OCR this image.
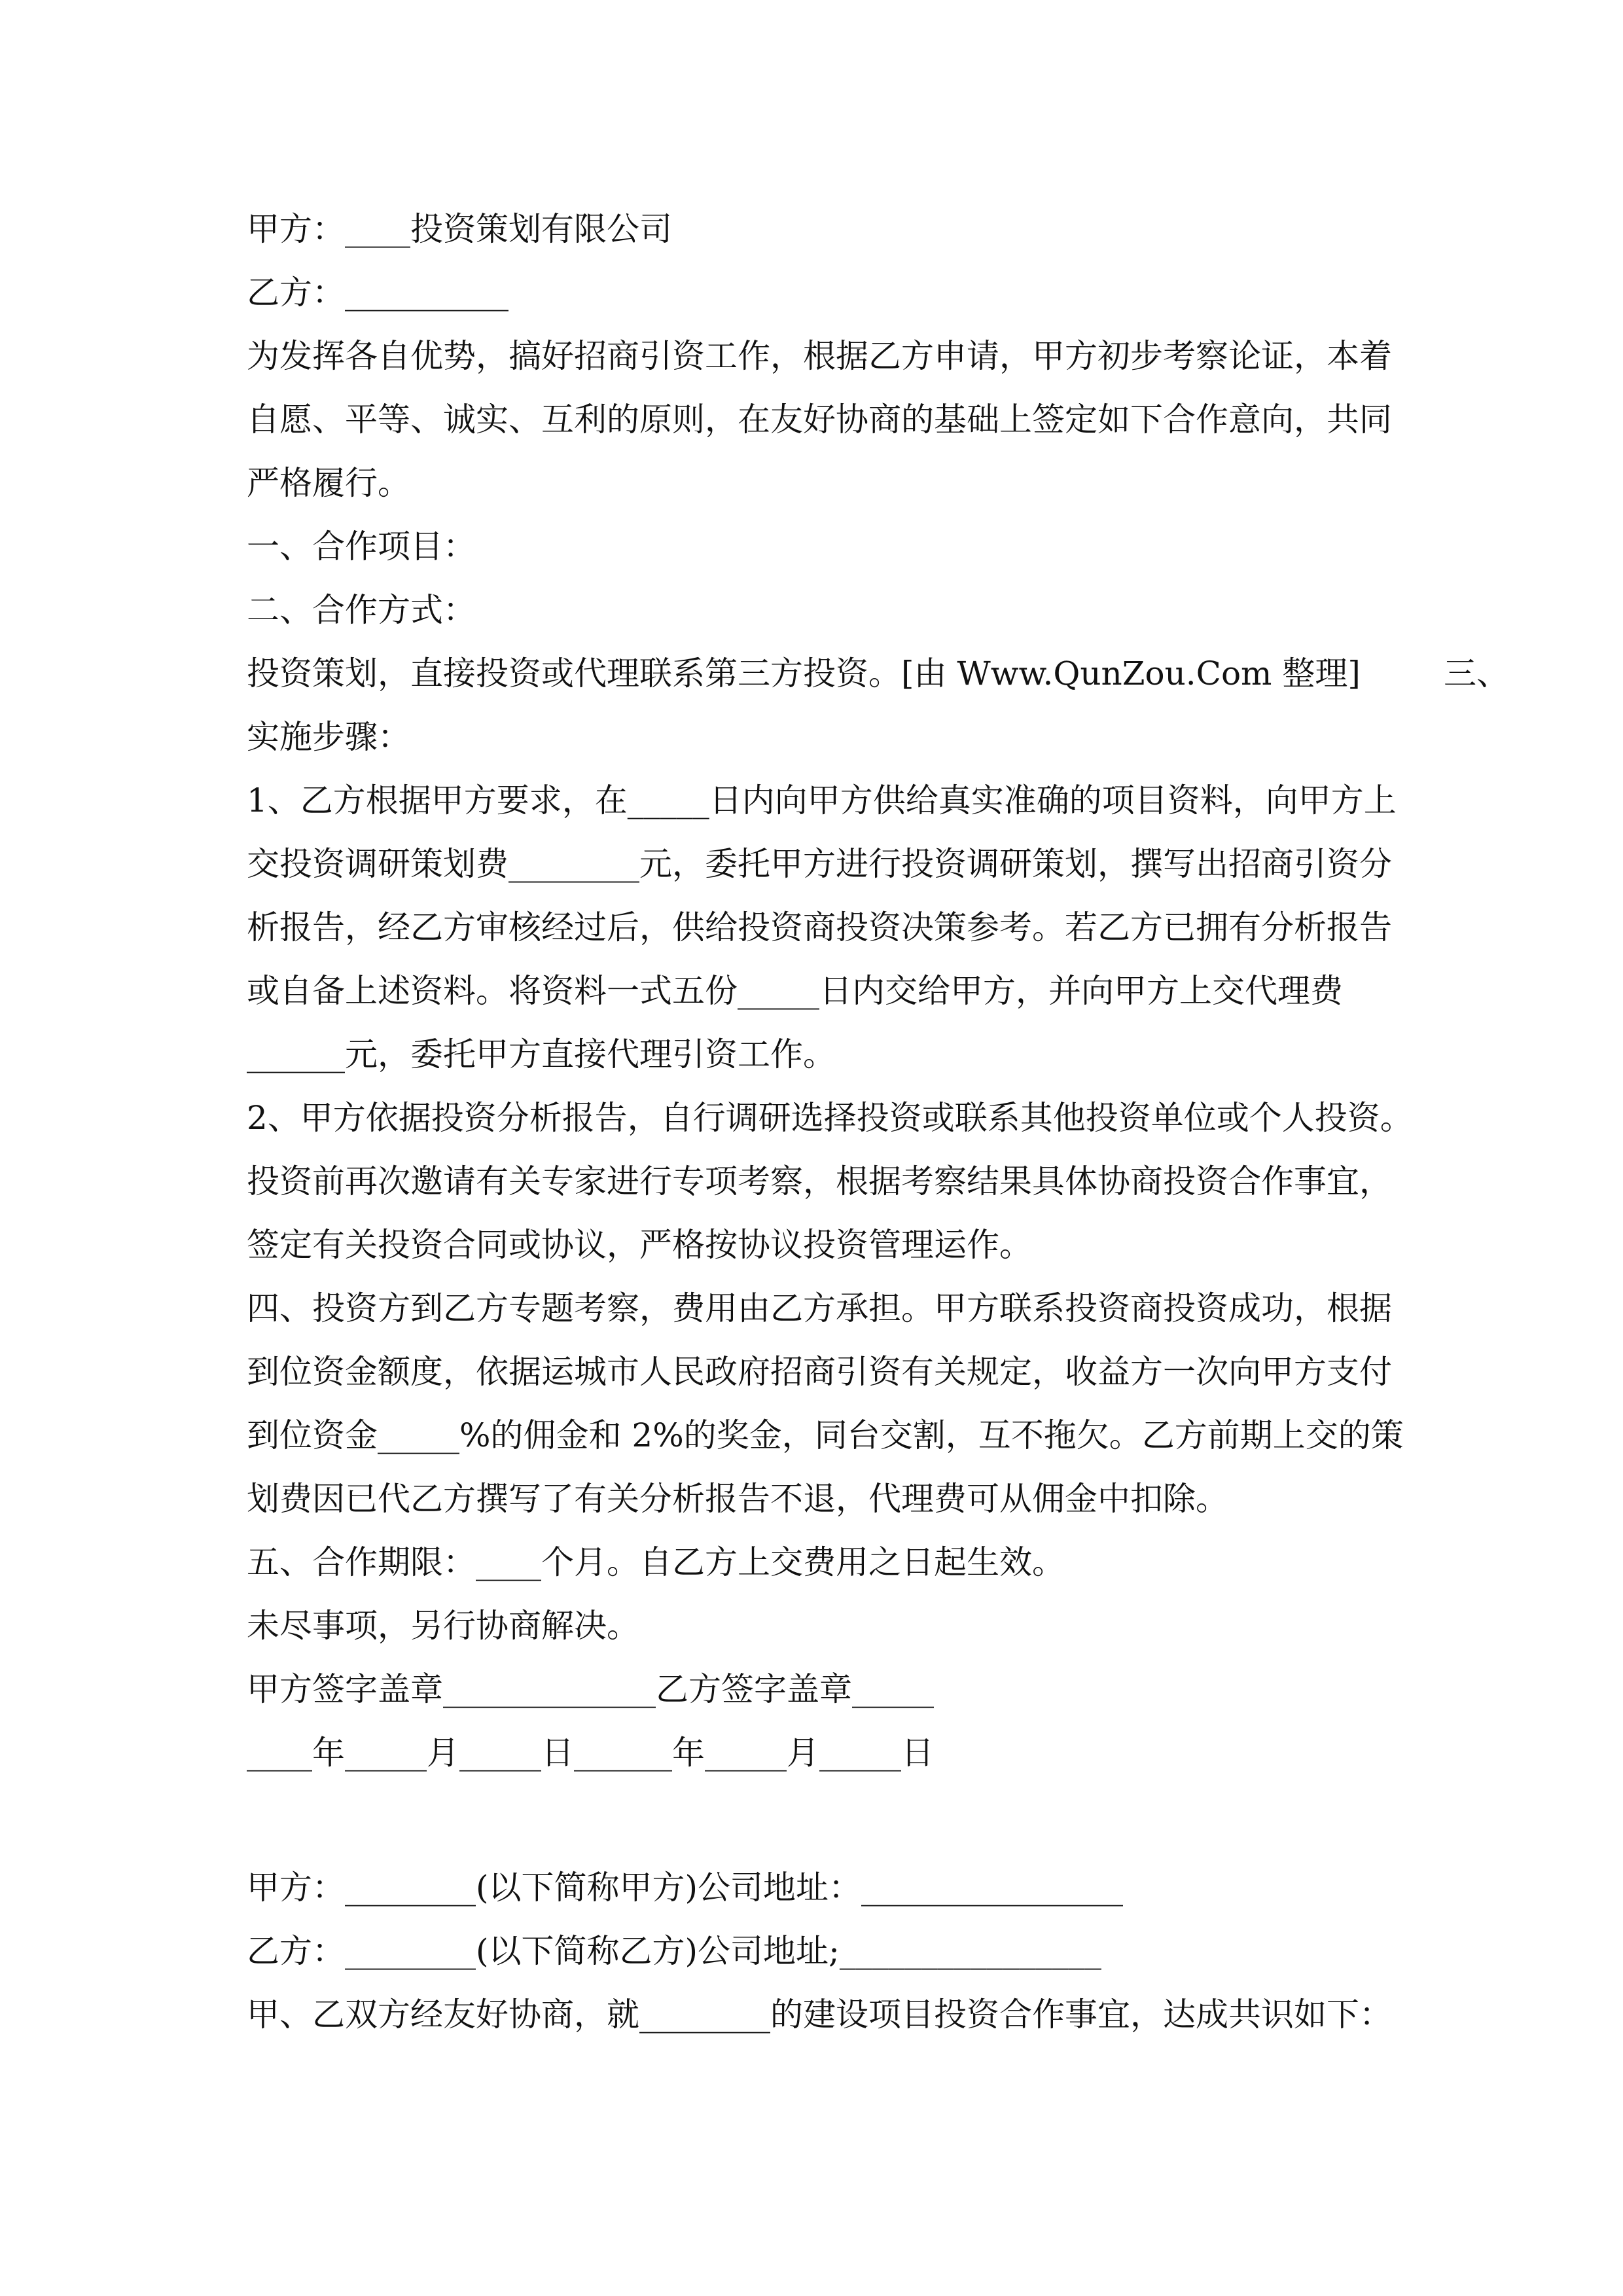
甲方：____投资策划有限公司

乙方：__________

为发挥各自优势，搞好招商引资工作，根据乙方申请，甲方初步考察论证，本着

自愿、平等、诚实、互利的原则，在友好协商的基础上签定如下合作意向，共同

严格履行。

一、合作项目：

二、合作方式：

投资策划，直接投资或代理联系第三方投资。[由 Www.QunZou.Com 整理]        三、

实施步骤：

1、乙方根据甲方要求，在_____日内向甲方供给真实准确的项目资料，向甲方上

交投资调研策划费________元，委托甲方进行投资调研策划，撰写出招商引资分

析报告，经乙方审核经过后，供给投资商投资决策参考。若乙方已拥有分析报告

或自备上述资料。将资料一式五份_____日内交给甲方，并向甲方上交代理费

______元，委托甲方直接代理引资工作。

2、甲方依据投资分析报告，自行调研选择投资或联系其他投资单位或个人投资。

投资前再次邀请有关专家进行专项考察，根据考察结果具体协商投资合作事宜，

签定有关投资合同或协议，严格按协议投资管理运作。

四、投资方到乙方专题考察，费用由乙方承担。甲方联系投资商投资成功，根据

到位资金额度，依据运城市人民政府招商引资有关规定，收益方一次向甲方支付

到位资金_____%的佣金和 2%的奖金，同台交割，互不拖欠。乙方前期上交的策

划费因已代乙方撰写了有关分析报告不退，代理费可从佣金中扣除。

五、合作期限：____个月。自乙方上交费用之日起生效。

未尽事项，另行协商解决。

甲方签字盖章_____________乙方签字盖章_____

____年_____月_____日______年_____月_____日

甲方：________(以下简称甲方)公司地址：________________

乙方：________(以下简称乙方)公司地址;________________

甲、乙双方经友好协商，就________的建设项目投资合作事宜，达成共识如下：
